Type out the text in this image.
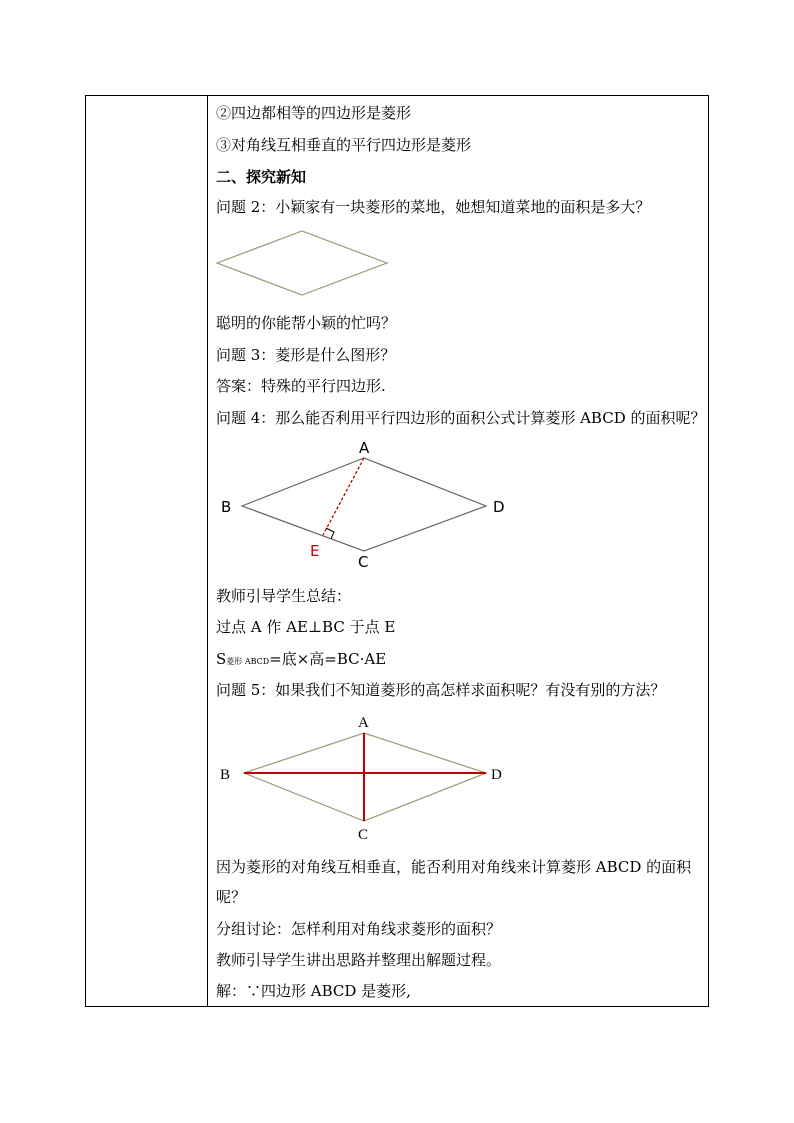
②四边都相等的四边形是菱形
③对角线互相垂直的平行四边形是菱形
二、探究新知
问题 2：小颖家有一块菱形的菜地，她想知道菜地的面积是多大？
聪明的你能帮小颖的忙吗？
问题 3：菱形是什么图形？
答案：特殊的平行四边形.
问题 4：那么能否利用平行四边形的面积公式计算菱形 ABCD 的面积呢？
A
B	D
C
E
教师引导学生总结：
过点 A 作 AE⊥BC 于点 E
S菱形 ABCD=底×高=BC·AE
问题 5：如果我们不知道菱形的高怎样求面积呢？有没有别的方法？
A
B	D
C
因为菱形的对角线互相垂直，能否利用对角线来计算菱形 ABCD 的面积
呢？
分组讨论：怎样利用对角线求菱形的面积？
教师引导学生讲出思路并整理出解题过程。
解：∵四边形 ABCD 是菱形,
